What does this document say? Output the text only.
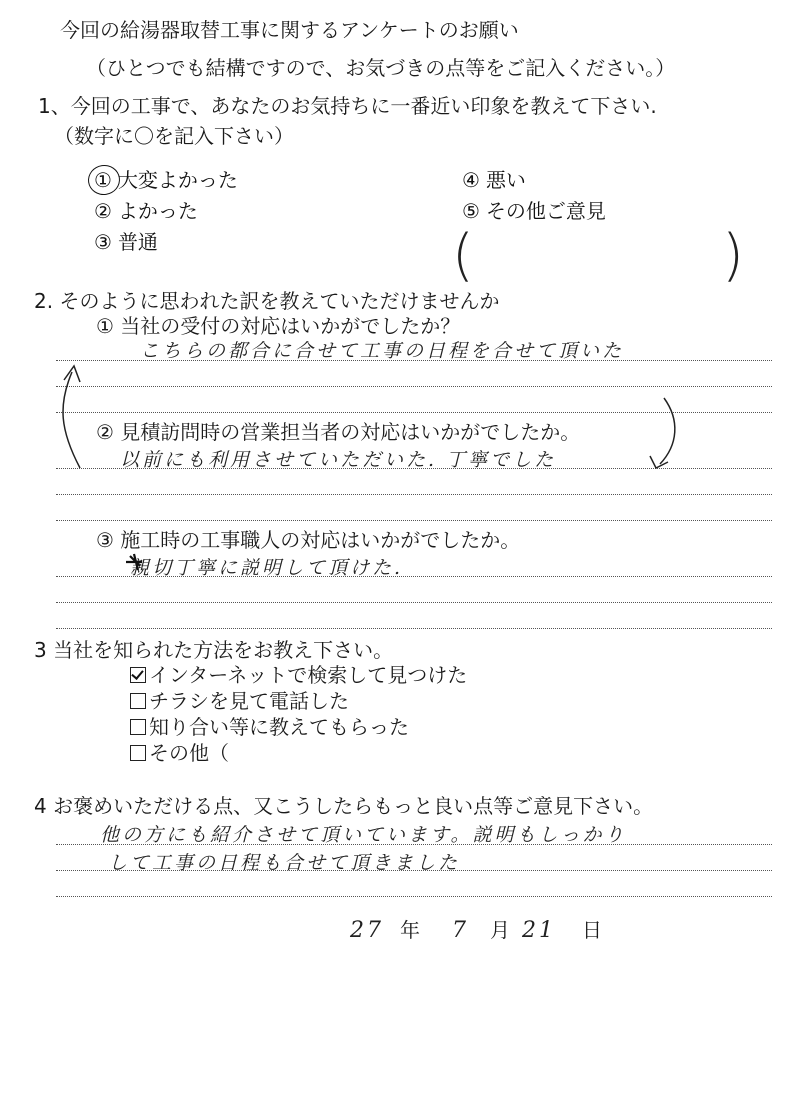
今回の給湯器取替工事に関するアンケートのお願い
（ひとつでも結構ですので、お気づきの点等をご記入ください。）
1、今回の工事で、あなたのお気持ちに一番近い印象を教えて下さい.
（数字に〇を記入下さい）
① 大変よかった
② よかった
③ 普通
④ 悪い
⑤ その他ご意見
(	)
2. そのように思われた訳を教えていただけませんか
① 当社の受付の対応はいかがでしたか？
こちらの都合に合せて工事の日程を合せて頂いた
② 見積訪問時の営業担当者の対応はいかがでしたか。
以前にも利用させていただいた. 丁寧でした
③ 施工時の工事職人の対応はいかがでしたか。
親切丁寧に説明して頂けた.
3 当社を知られた方法をお教え下さい。
インターネットで検索して見つけた
チラシを見て電話した
知り合い等に教えてもらった
その他（
4 お褒めいただける点、又こうしたらもっと良い点等ご意見下さい。
他の方にも紹介させて頂いています。説明もしっかり
して工事の日程も合せて頂きました
27 年 7 月 21 日
